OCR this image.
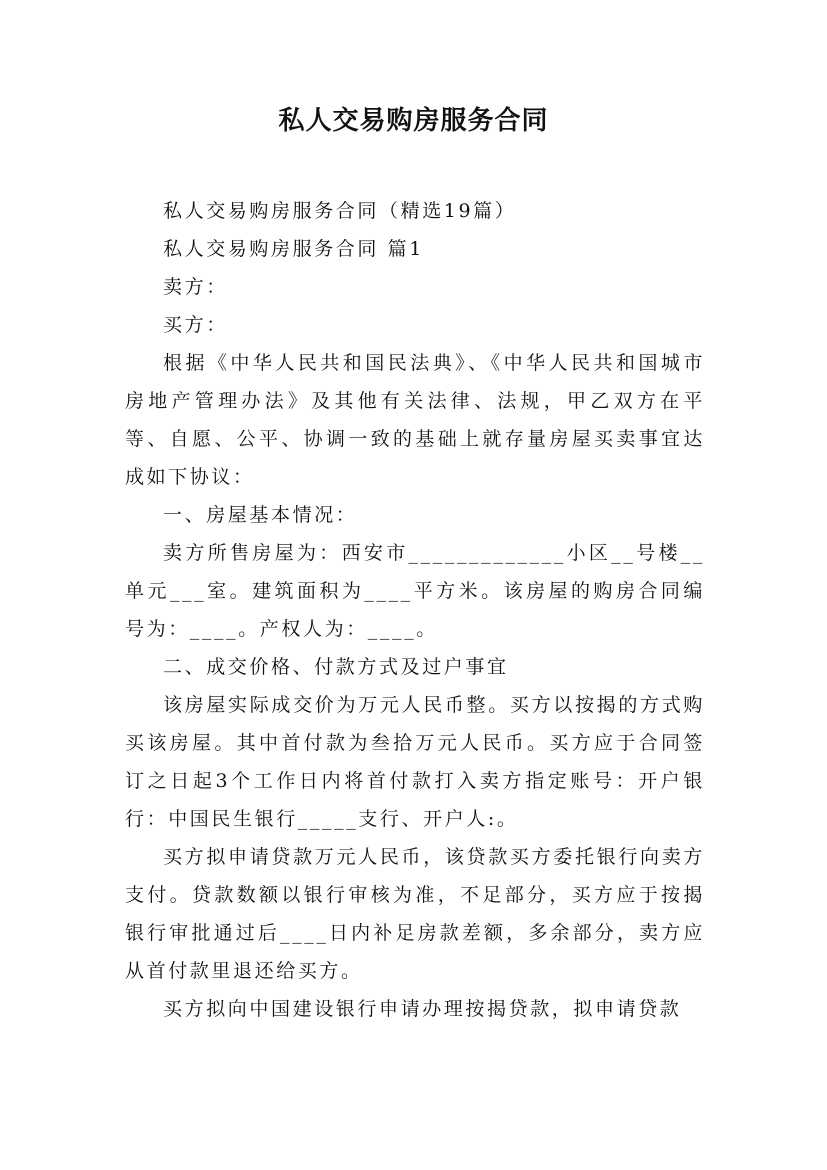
私人交易购房服务合同

私人交易购房服务合同（精选19篇）

私人交易购房服务合同 篇1

卖方：

买方：

根据《中华人民共和国民法典》、《中华人民共和国城市房地产管理办法》及其他有关法律、法规，甲乙双方在平等、自愿、公平、协调一致的基础上就存量房屋买卖事宜达成如下协议：

一、房屋基本情况：

卖方所售房屋为：西安市_____________小区__号楼__单元___室。建筑面积为____平方米。该房屋的购房合同编号为：____。产权人为：____。

二、成交价格、付款方式及过户事宜

该房屋实际成交价为万元人民币整。买方以按揭的方式购买该房屋。其中首付款为叁拾万元人民币。买方应于合同签订之日起3个工作日内将首付款打入卖方指定账号：开户银行：中国民生银行_____支行、开户人:。

买方拟申请贷款万元人民币，该贷款买方委托银行向卖方支付。贷款数额以银行审核为准，不足部分，买方应于按揭银行审批通过后____日内补足房款差额，多余部分，卖方应从首付款里退还给买方。

买方拟向中国建设银行申请办理按揭贷款，拟申请贷款
